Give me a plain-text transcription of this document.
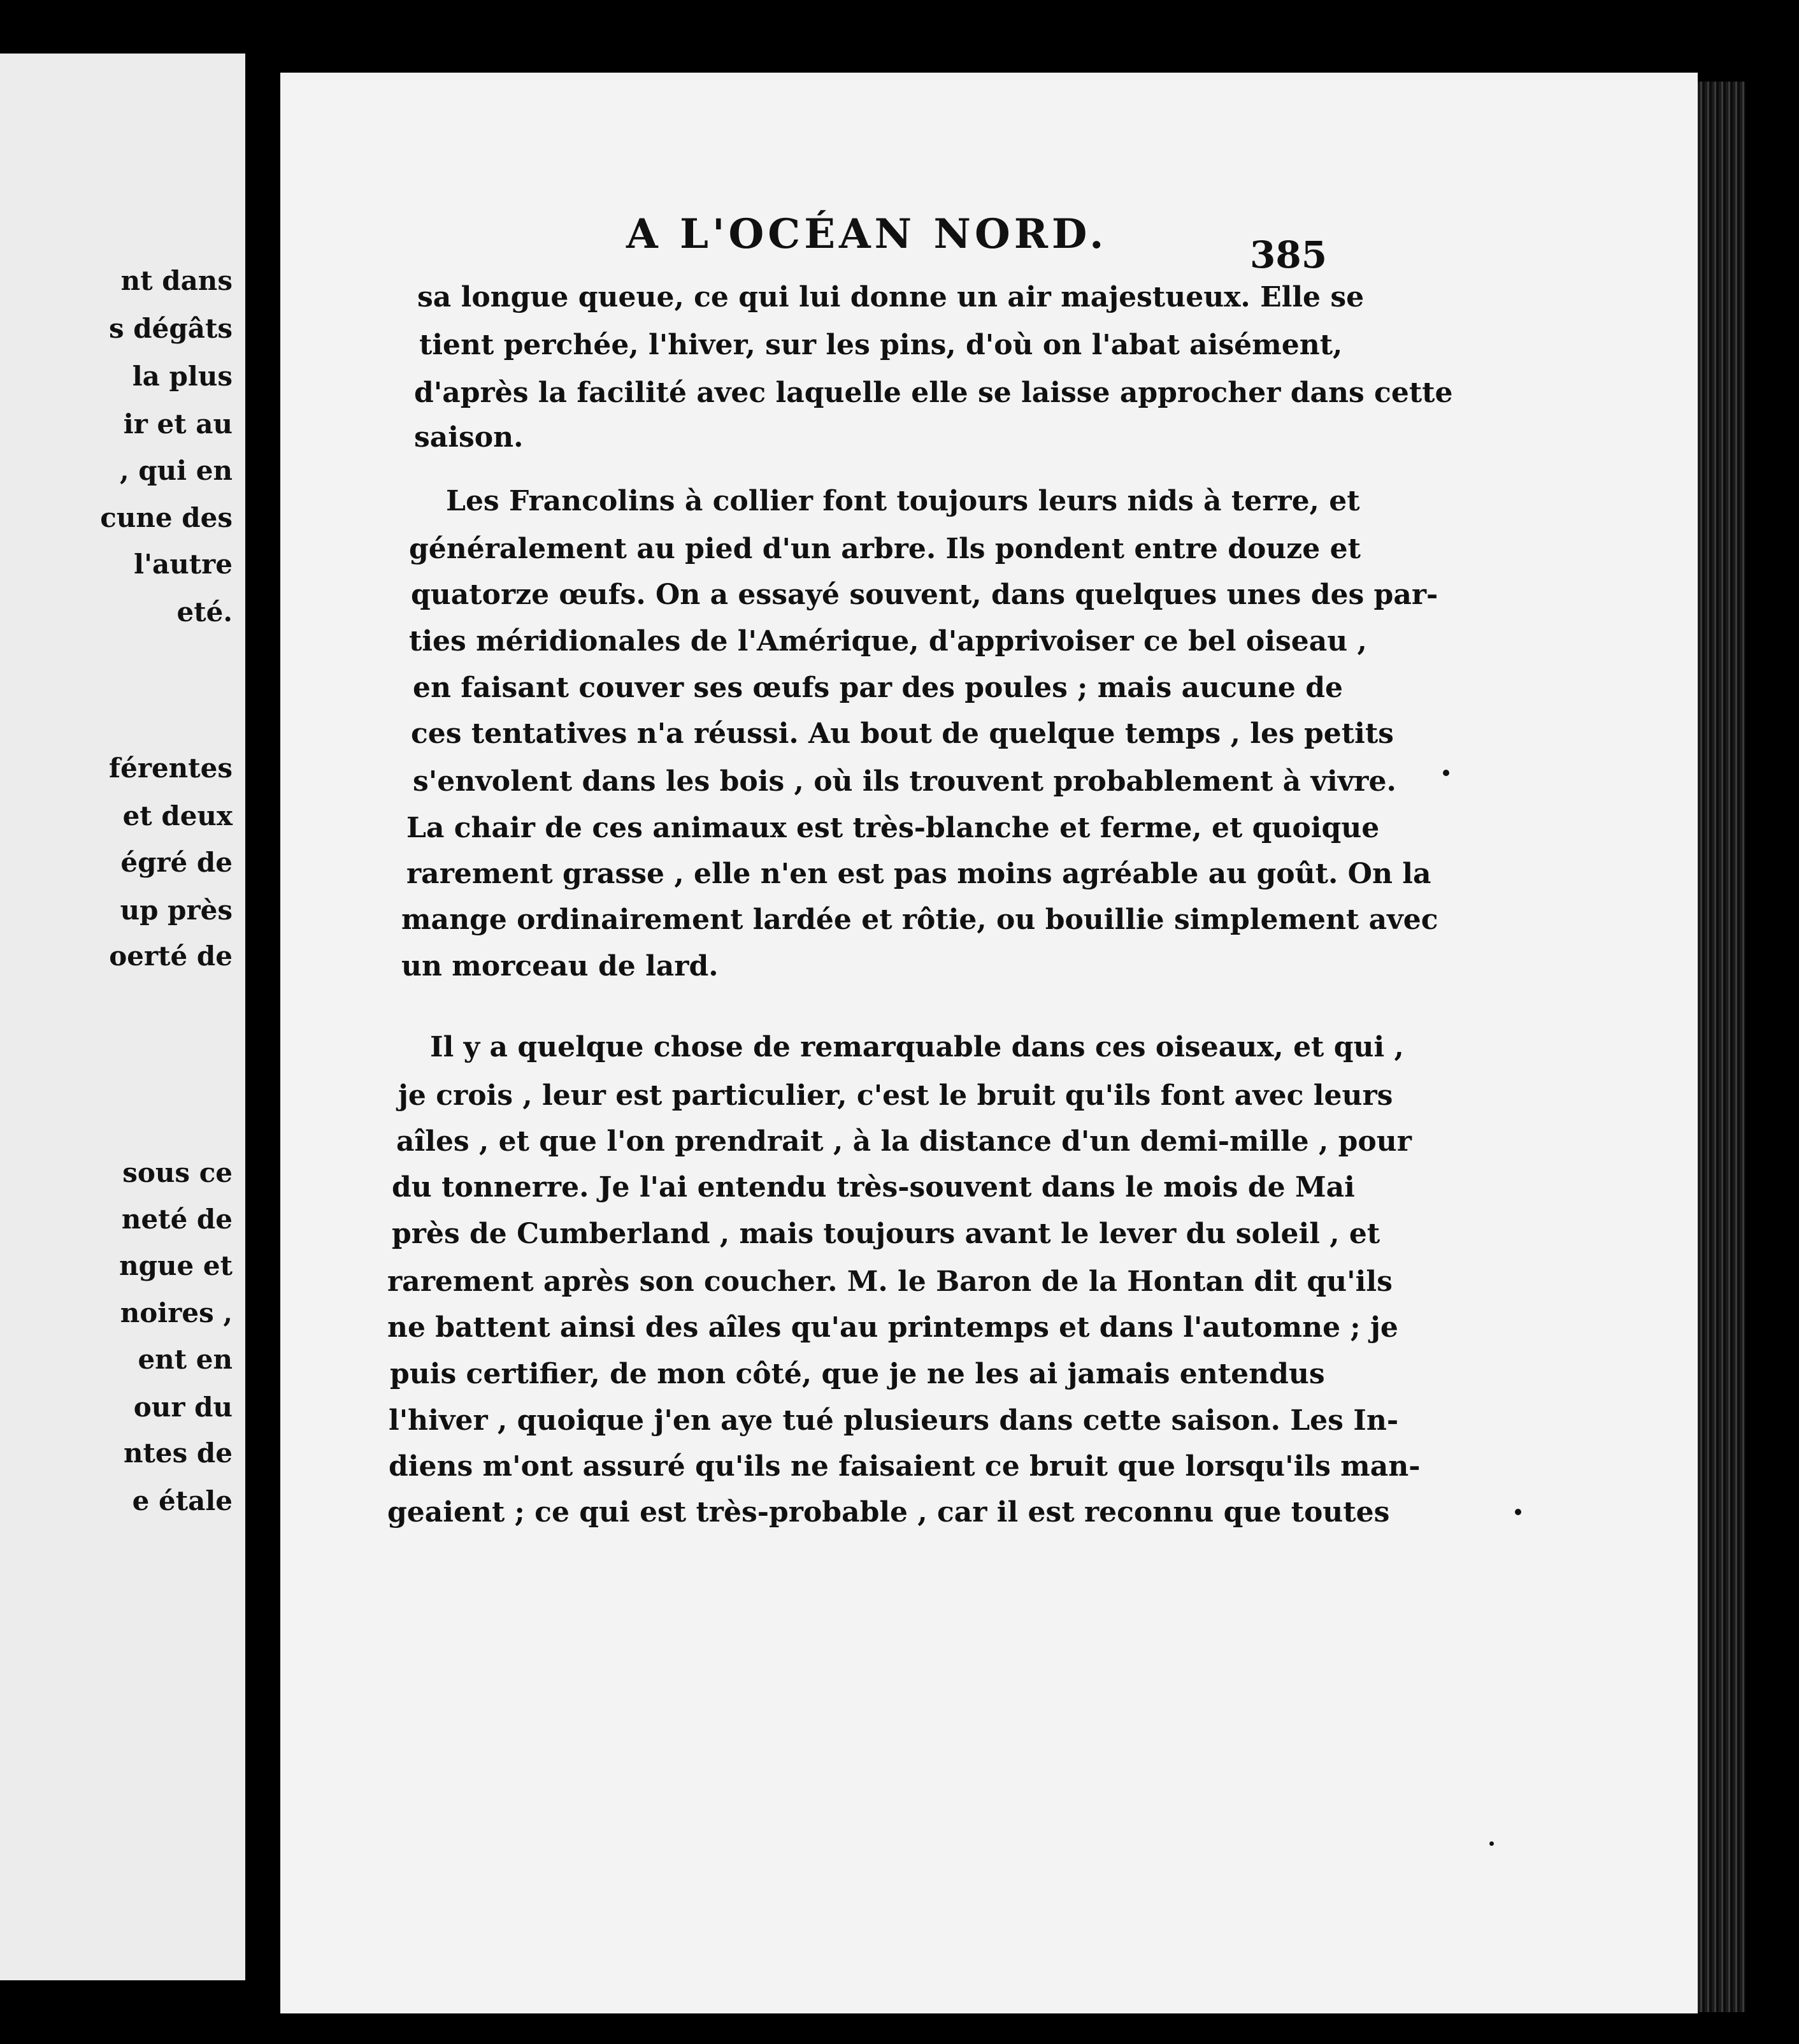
A L'OCÉAN NORD.	385
sa longue queue, ce qui lui donne un air majestueux. Elle se
tient perchée, l'hiver, sur les pins, d'où on l'abat aisément,
d'après la facilité avec laquelle elle se laisse approcher dans cette
saison.
Les Francolins à collier font toujours leurs nids à terre, et
généralement au pied d'un arbre. Ils pondent entre douze et
quatorze œufs. On a essayé souvent, dans quelques unes des par-
ties méridionales de l'Amérique, d'apprivoiser ce bel oiseau ,
en faisant couver ses œufs par des poules ; mais aucune de
ces tentatives n'a réussi. Au bout de quelque temps , les petits
s'envolent dans les bois , où ils trouvent probablement à vivre.
La chair de ces animaux est très-blanche et ferme, et quoique
rarement grasse , elle n'en est pas moins agréable au goût. On la
mange ordinairement lardée et rôtie, ou bouillie simplement avec
un morceau de lard.
Il y a quelque chose de remarquable dans ces oiseaux, et qui ,
je crois , leur est particulier, c'est le bruit qu'ils font avec leurs
aîles , et que l'on prendrait , à la distance d'un demi-mille , pour
du tonnerre. Je l'ai entendu très-souvent dans le mois de Mai
près de Cumberland , mais toujours avant le lever du soleil , et
rarement après son coucher. M. le Baron de la Hontan dit qu'ils
ne battent ainsi des aîles qu'au printemps et dans l'automne ; je
puis certifier, de mon côté, que je ne les ai jamais entendus
l'hiver , quoique j'en aye tué plusieurs dans cette saison. Les In-
diens m'ont assuré qu'ils ne faisaient ce bruit que lorsqu'ils man-
geaient ; ce qui est très-probable , car il est reconnu que toutes
nt dans
s dégâts
la plus
ir et au
, qui en
cune des
l'autre
eté.
férentes
et deux
égré de
up près
oerté de
sous ce
neté de
ngue et
noires ,
ent en
our du
ntes de
e étale
